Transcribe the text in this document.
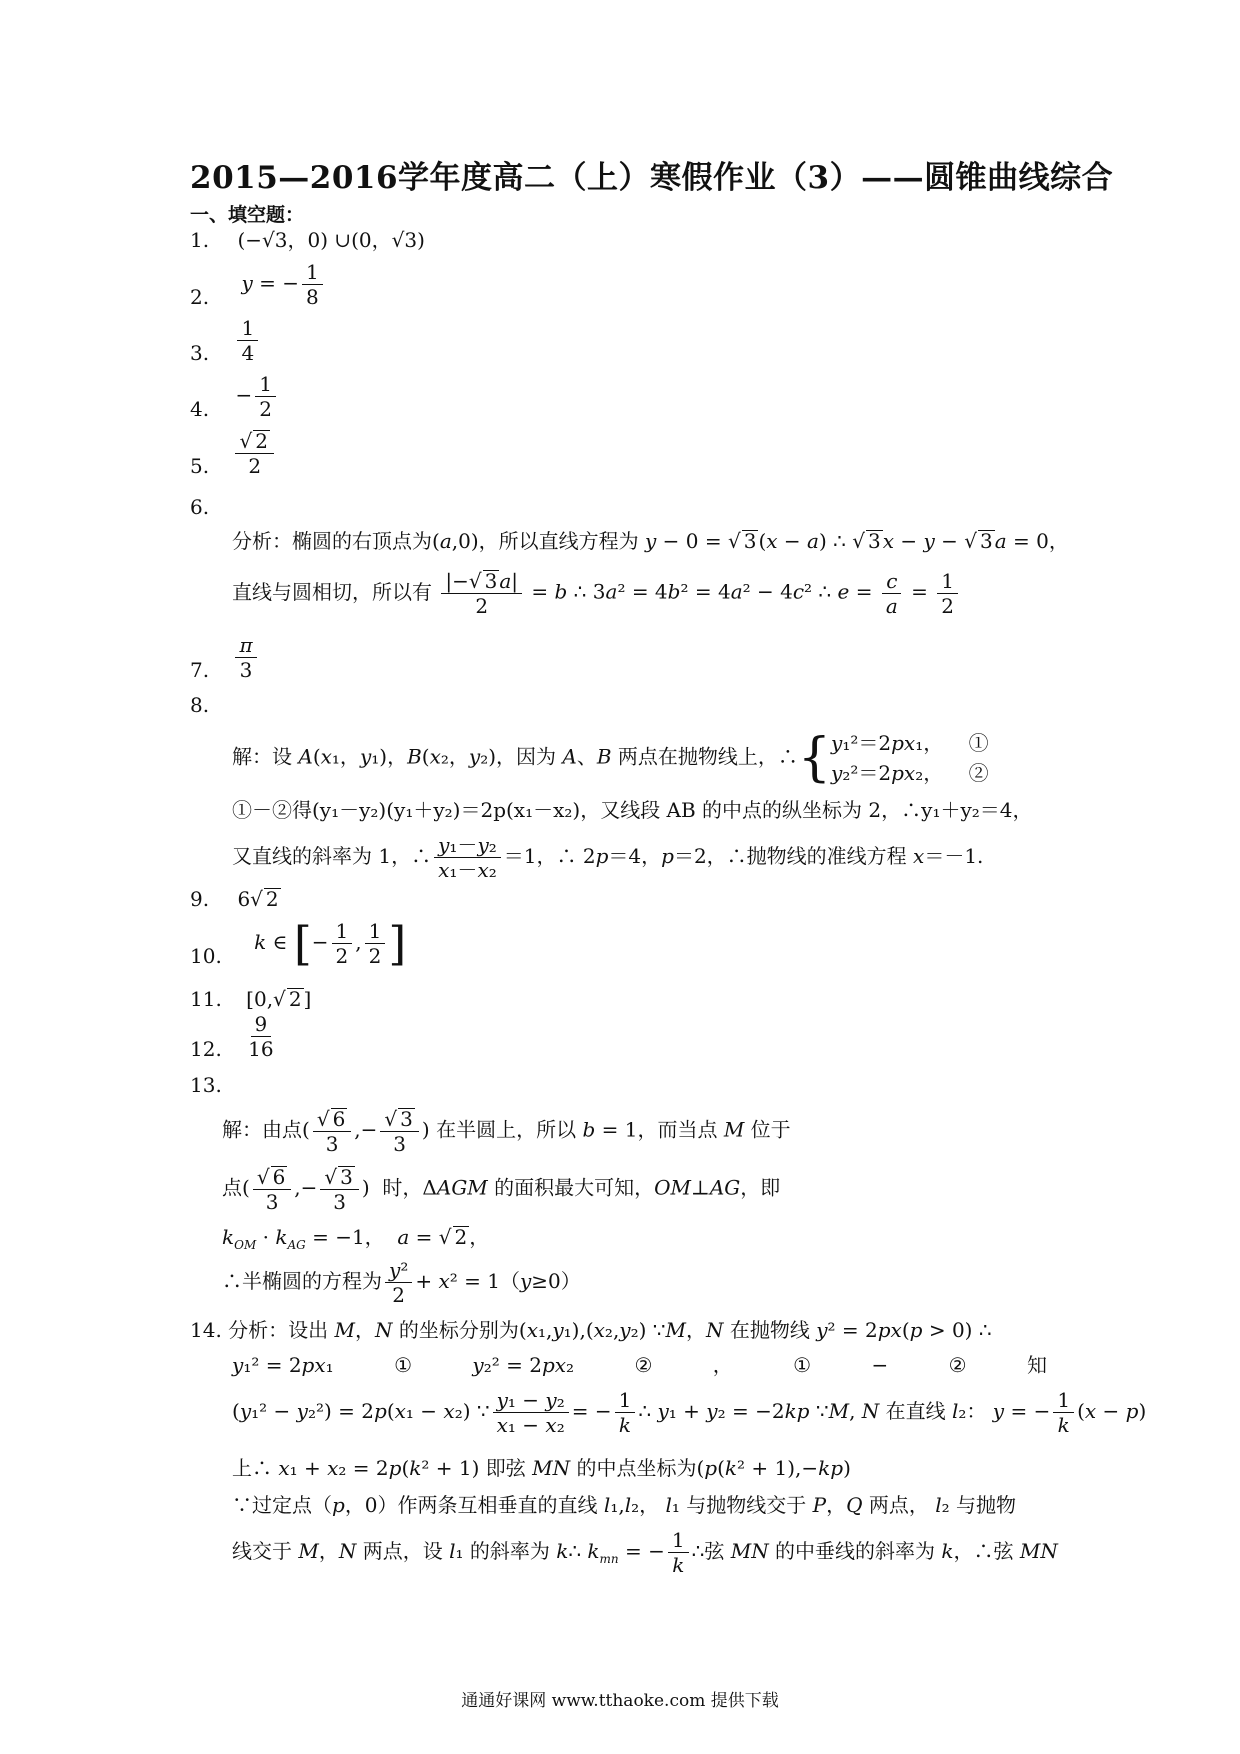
2015—2016学年度高二（上）寒假作业（3）——圆锥曲线综合
一、填空题：
1. (−√3，0) ∪(0，√3)
2. y = − $\frac{1}{8}$
3. $\frac{1}{4}$
4. − $\frac{1}{2}$
5. $\frac{√ 2}{2}$
6.
分析：椭圆的右顶点为(a,0)，所以直线方程为 y − 0 = √ 3 (x − a) ∴ √ 3 x − y − √ 3 a = 0，
直线与圆相切，所以有 $\frac{|-√ 3 a|}{2} = b$ ∴ 3a² = 4b² = 4a² − 4c² ∴ $e = \frac{c}{a} = \frac{1}{2}$
7. $\frac{\pi}{3}$
8.
解：设 A(x₁，y₁)，B(x₂，y₂)，因为 A、B 两点在抛物线上，∴{ y₁²＝2px₁，    ①
y₂²＝2px₂，    ②
①－②得(y₁－y₂)(y₁＋y₂)＝2p(x₁－x₂)，又线段 AB 的中点的纵坐标为 2，∴y₁＋y₂＝4，
又直线的斜率为 1，∴ $\frac{\text{y₁－y₂}}{\text{x₁－x₂}} =1$，∴ 2p＝4，p＝2，∴抛物线的准线方程 x＝－1.
9. 6√ 2
10. k ∈ [− $\frac{1}{2}$ , $\frac{1}{2}$ ]
11. [0,√ 2 ]
12. $\frac{9}{16}$
13.
解：由点( $\frac{√ 6}{3}$ ,− $\frac{√ 3}{3}$ ) 在半圆上，所以 b = 1，而当点 M 位于
点( $\frac{√ 6}{3}$ ,− $\frac{√ 3}{3}$ )  时，ΔAGM 的面积最大可知，OM⊥AG，即
$k_{OM} \cdot k_{AG} = -1$，  a = √ 2 ，
∴半椭圆的方程为 $\frac{\text{y²}}{2} + x^2 = 1(y\ge 0)$
14. 分析：设出 M，N 的坐标分别为(x₁,y₁),(x₂,y₂) ∵M，N 在抛物线 y² = 2px(p > 0) ∴
y₁² = 2px₁	①	y₂² = 2px₂	②	，	①	−	②	知
(y₁² − y₂²) = 2p(x₁ − x₂) ∵ $\frac{\text{y₁ − y₂}}{\text{x₁ − x₂}}$ = − $\frac{1}{k}$ ∴ y₁ + y₂ = −2kp ∵M, N 在直线 l₂： y = − $\frac{1}{k} (x - p)$
上∴ x₁ + x₂ = 2p(k² + 1) 即弦 MN 的中点坐标为(p(k² + 1),−kp)
∵过定点（p，0）作两条互相垂直的直线 l₁,l₂， l₁ 与抛物线交于 P，Q 两点， l₂ 与抛物
线交于 M，N 两点，设 l₁ 的斜率为 k∴ $k_{mn}$ = − $\frac{1}{k}$ ∴弦 MN 的中垂线的斜率为 k，∴弦 MN
通通好课网 www.tthaoke.com 提供下载
